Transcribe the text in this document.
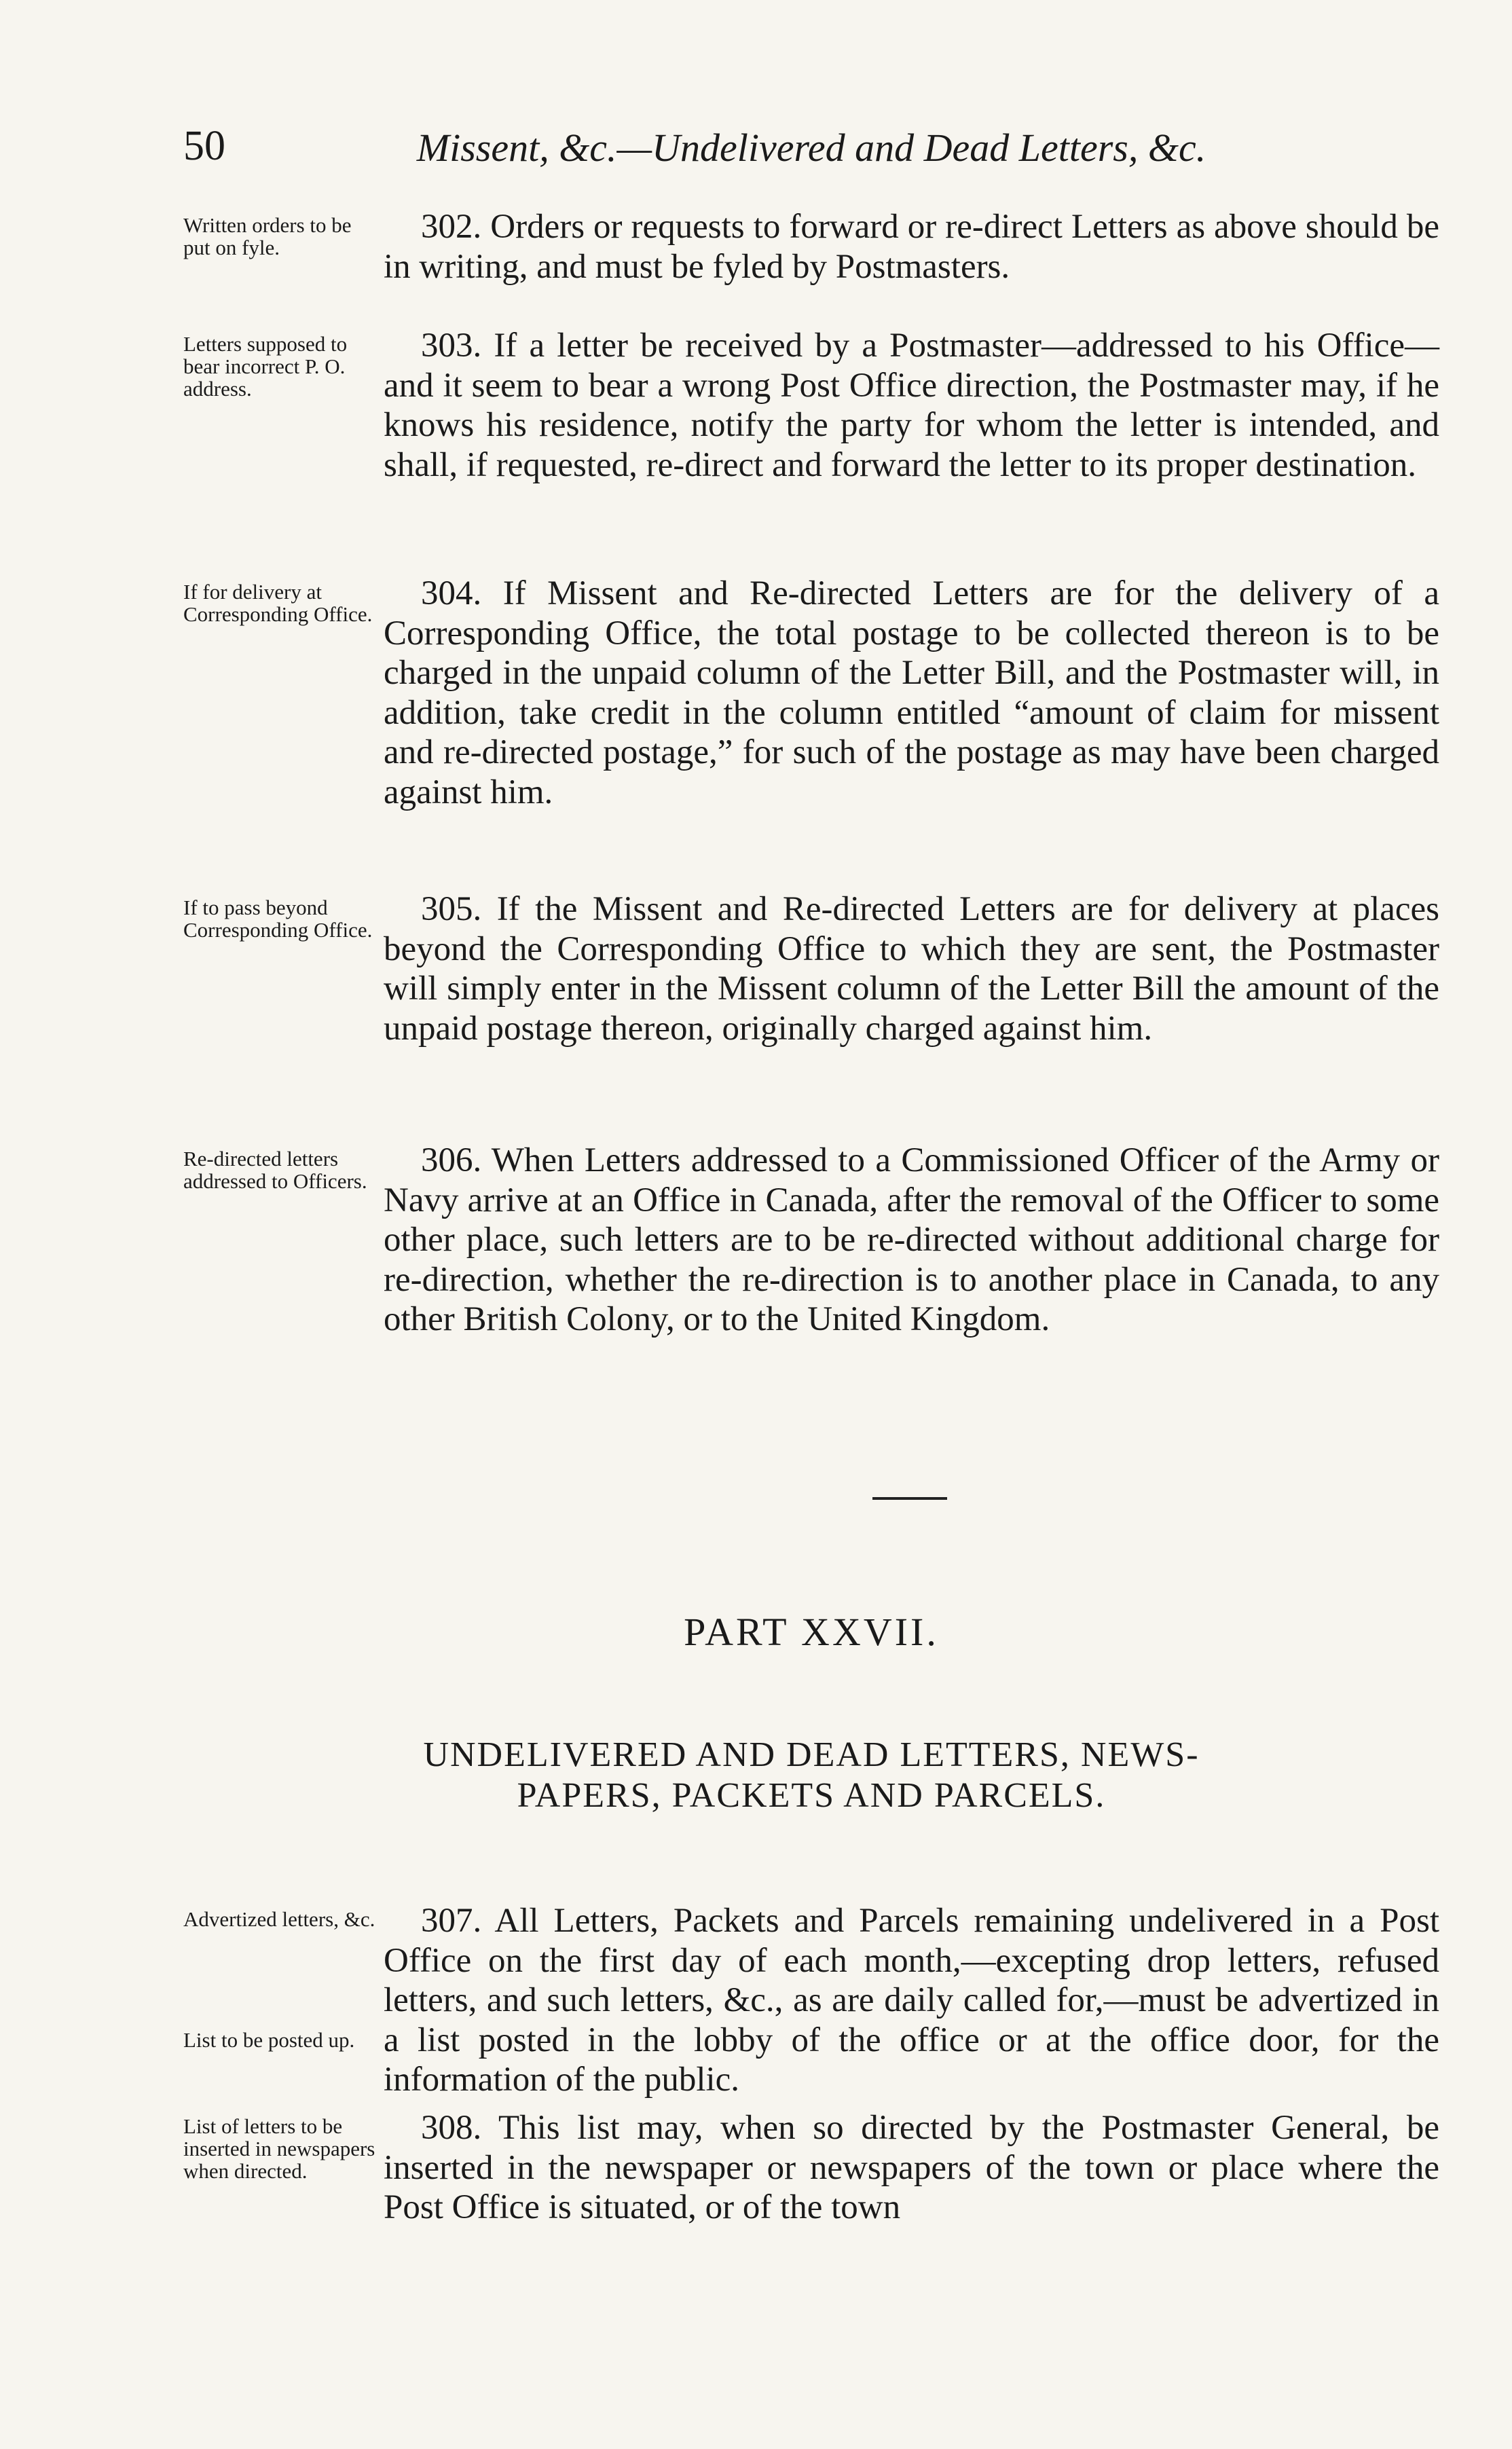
50	Missent, &c.—Undelivered and Dead Letters, &c.
Written orders to be put on fyle.
302. Orders or requests to forward or re-direct Letters as above should be in writing, and must be fyled by Postmasters.
Letters supposed to bear incorrect P. O. address.
303. If a letter be received by a Postmaster—addressed to his Office—and it seem to bear a wrong Post Office direction, the Postmaster may, if he knows his residence, notify the party for whom the letter is intended, and shall, if requested, re-direct and forward the letter to its proper destination.
If for delivery at Corresponding Office.
304. If Missent and Re-directed Letters are for the delivery of a Corresponding Office, the total postage to be collected thereon is to be charged in the unpaid column of the Letter Bill, and the Postmaster will, in addition, take credit in the column entitled “amount of claim for missent and re-directed postage,” for such of the postage as may have been charged against him.
If to pass beyond Corresponding Office.
305. If the Missent and Re-directed Letters are for delivery at places beyond the Corresponding Office to which they are sent, the Postmaster will simply enter in the Missent column of the Letter Bill the amount of the unpaid postage thereon, originally charged against him.
Re-directed letters addressed to Officers.
306. When Letters addressed to a Commissioned Officer of the Army or Navy arrive at an Office in Canada, after the removal of the Officer to some other place, such letters are to be re-directed without additional charge for re-direction, whether the re-direction is to another place in Canada, to any other British Colony, or to the United Kingdom.
PART XXVII.
UNDELIVERED AND DEAD LETTERS, NEWS-
PAPERS, PACKETS AND PARCELS.
Advertized letters, &c.
List to be posted up.
307. All Letters, Packets and Parcels remaining undelivered in a Post Office on the first day of each month,—excepting drop letters, refused letters, and such letters, &c., as are daily called for,—must be advertized in a list posted in the lobby of the office or at the office door, for the information of the public.
List of letters to be inserted in newspapers when directed.
308. This list may, when so directed by the Postmaster General, be inserted in the newspaper or newspapers of the town or place where the Post Office is situated, or of the town
